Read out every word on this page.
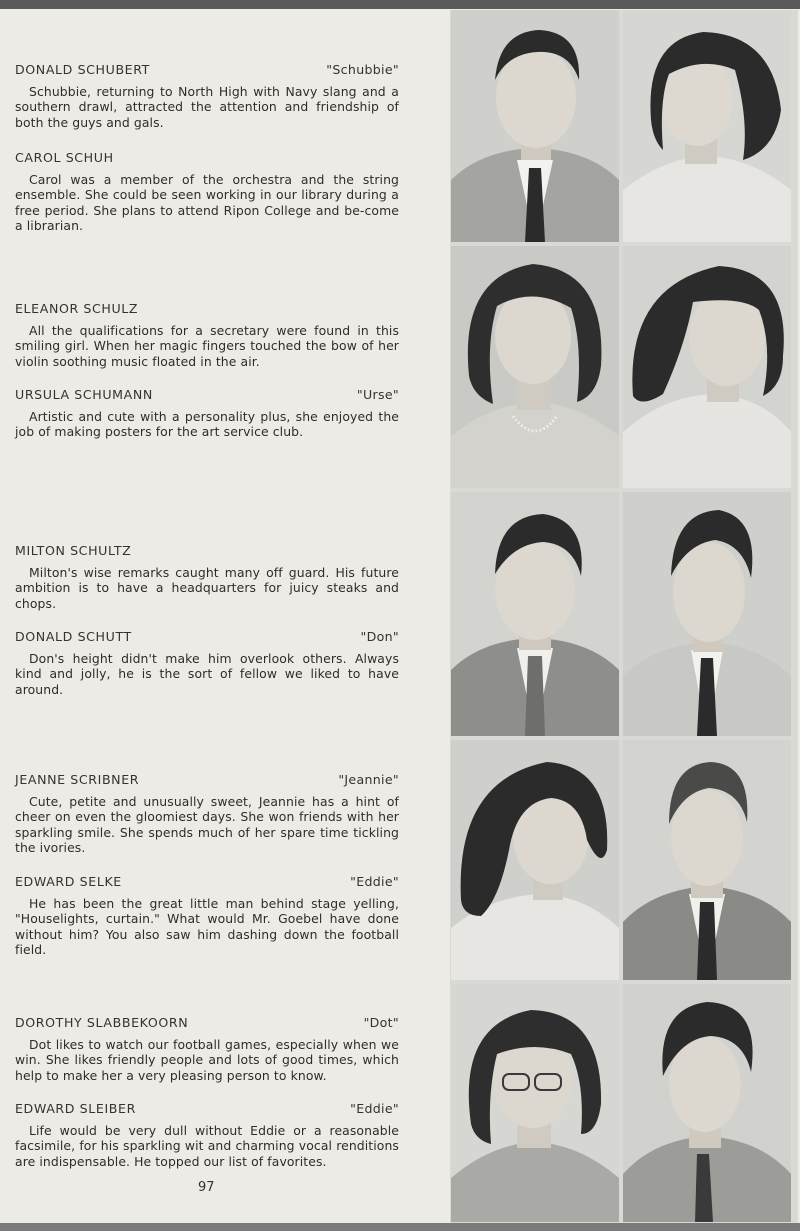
DONALD SCHUBERT	"Schubbie"
Schubbie, returning to North High with Navy slang and a southern drawl, attracted the attention and friendship of both the guys and gals.
CAROL SCHUH
Carol was a member of the orchestra and the string ensemble. She could be seen working in our library during a free period. She plans to attend Ripon College and be-come a librarian.
ELEANOR SCHULZ
All the qualifications for a secretary were found in this smiling girl. When her magic fingers touched the bow of her violin soothing music floated in the air.
URSULA SCHUMANN	"Urse"
Artistic and cute with a personality plus, she enjoyed the job of making posters for the art service club.
MILTON SCHULTZ
Milton's wise remarks caught many off guard. His future ambition is to have a headquarters for juicy steaks and chops.
DONALD SCHUTT	"Don"
Don's height didn't make him overlook others. Always kind and jolly, he is the sort of fellow we liked to have around.
JEANNE SCRIBNER	"Jeannie"
Cute, petite and unusually sweet, Jeannie has a hint of cheer on even the gloomiest days. She won friends with her sparkling smile. She spends much of her spare time tickling the ivories.
EDWARD SELKE	"Eddie"
He has been the great little man behind stage yelling, "Houselights, curtain." What would Mr. Goebel have done without him? You also saw him dashing down the football field.
DOROTHY SLABBEKOORN	"Dot"
Dot likes to watch our football games, especially when we win. She likes friendly people and lots of good times, which help to make her a very pleasing person to know.
EDWARD SLEIBER	"Eddie"
Life would be very dull without Eddie or a reasonable facsimile, for his sparkling wit and charming vocal renditions are indispensable. He topped our list of favorites.
97
